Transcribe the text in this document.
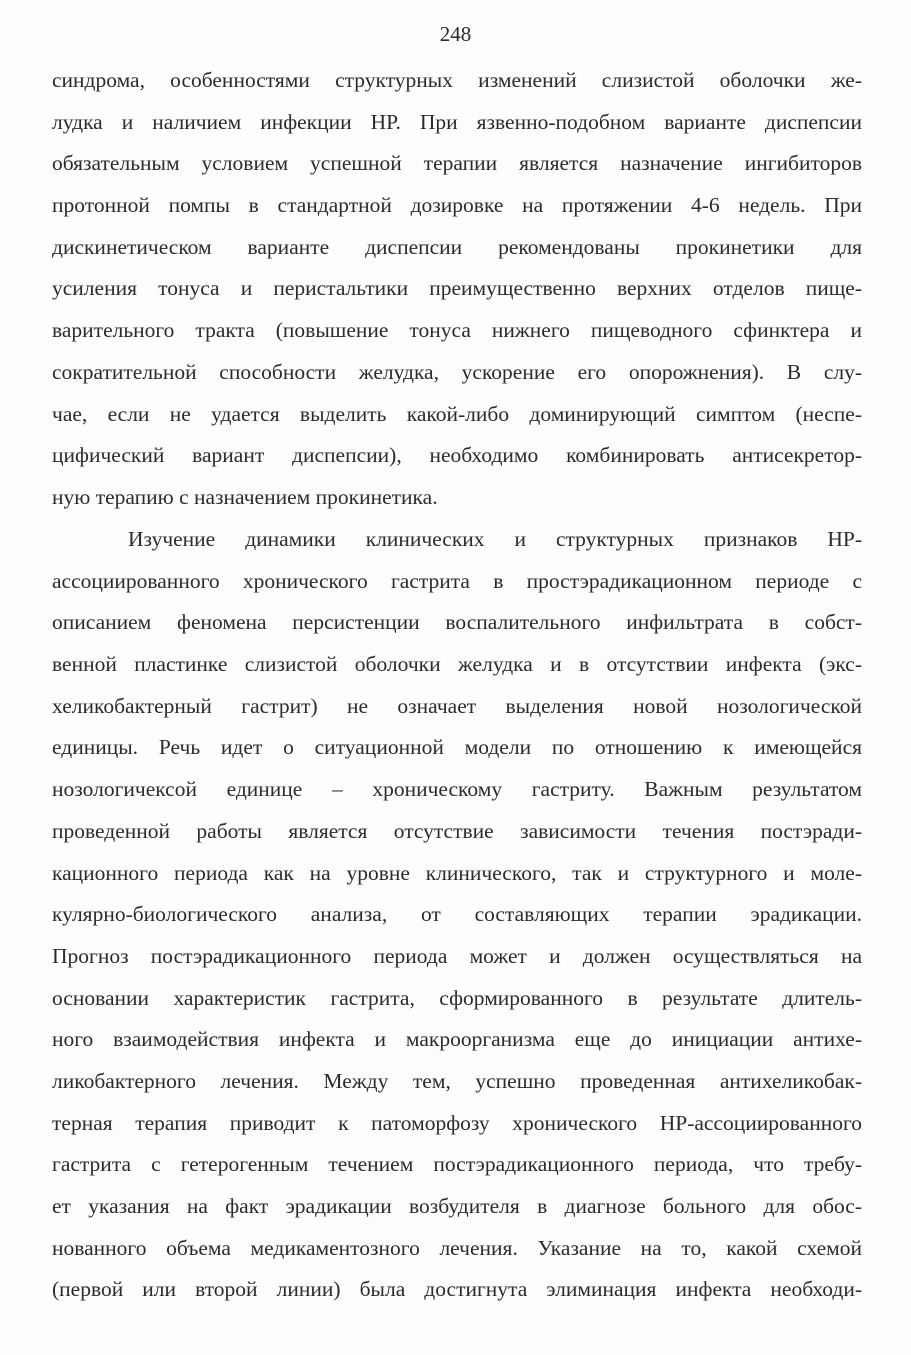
248
синдрома, особенностями структурных изменений слизистой оболочки же-
лудка и наличием инфекции НР. При язвенно-подобном варианте диспепсии
обязательным условием успешной терапии является назначение ингибиторов
протонной помпы в стандартной дозировке на протяжении 4-6 недель. При
дискинетическом варианте диспепсии рекомендованы прокинетики для
усиления тонуса и перистальтики преимущественно верхних отделов пище-
варительного тракта (повышение тонуса нижнего пищеводного сфинктера и
сократительной способности желудка, ускорение его опорожнения). В слу-
чае, если не удается выделить какой-либо доминирующий симптом (неспе-
цифический вариант диспепсии), необходимо комбинировать антисекретор-
ную терапию с назначением прокинетика.
Изучение динамики клинических и структурных признаков НР-
ассоциированного хронического гастрита в простэрадикационном периоде с
описанием феномена персистенции воспалительного инфильтрата в собст-
венной пластинке слизистой оболочки желудка и в отсутствии инфекта (экс-
хеликобактерный гастрит) не означает выделения новой нозологической
единицы. Речь идет о ситуационной модели по отношению к имеющейся
нозологичексой единице – хроническому гастриту. Важным результатом
проведенной работы является отсутствие зависимости течения постэради-
кационного периода как на уровне клинического, так и структурного и моле-
кулярно-биологического анализа, от составляющих терапии эрадикации.
Прогноз постэрадикационного периода может и должен осуществляться на
основании характеристик гастрита, сформированного в результате длитель-
ного взаимодействия инфекта и макроорганизма еще до инициации антихе-
ликобактерного лечения. Между тем, успешно проведенная антихеликобак-
терная терапия приводит к патоморфозу хронического НР-ассоциированного
гастрита с гетерогенным течением постэрадикационного периода, что требу-
ет указания на факт эрадикации возбудителя в диагнозе больного для обос-
нованного объема медикаментозного лечения. Указание на то, какой схемой
(первой или второй линии) была достигнута элиминация инфекта необходи-
